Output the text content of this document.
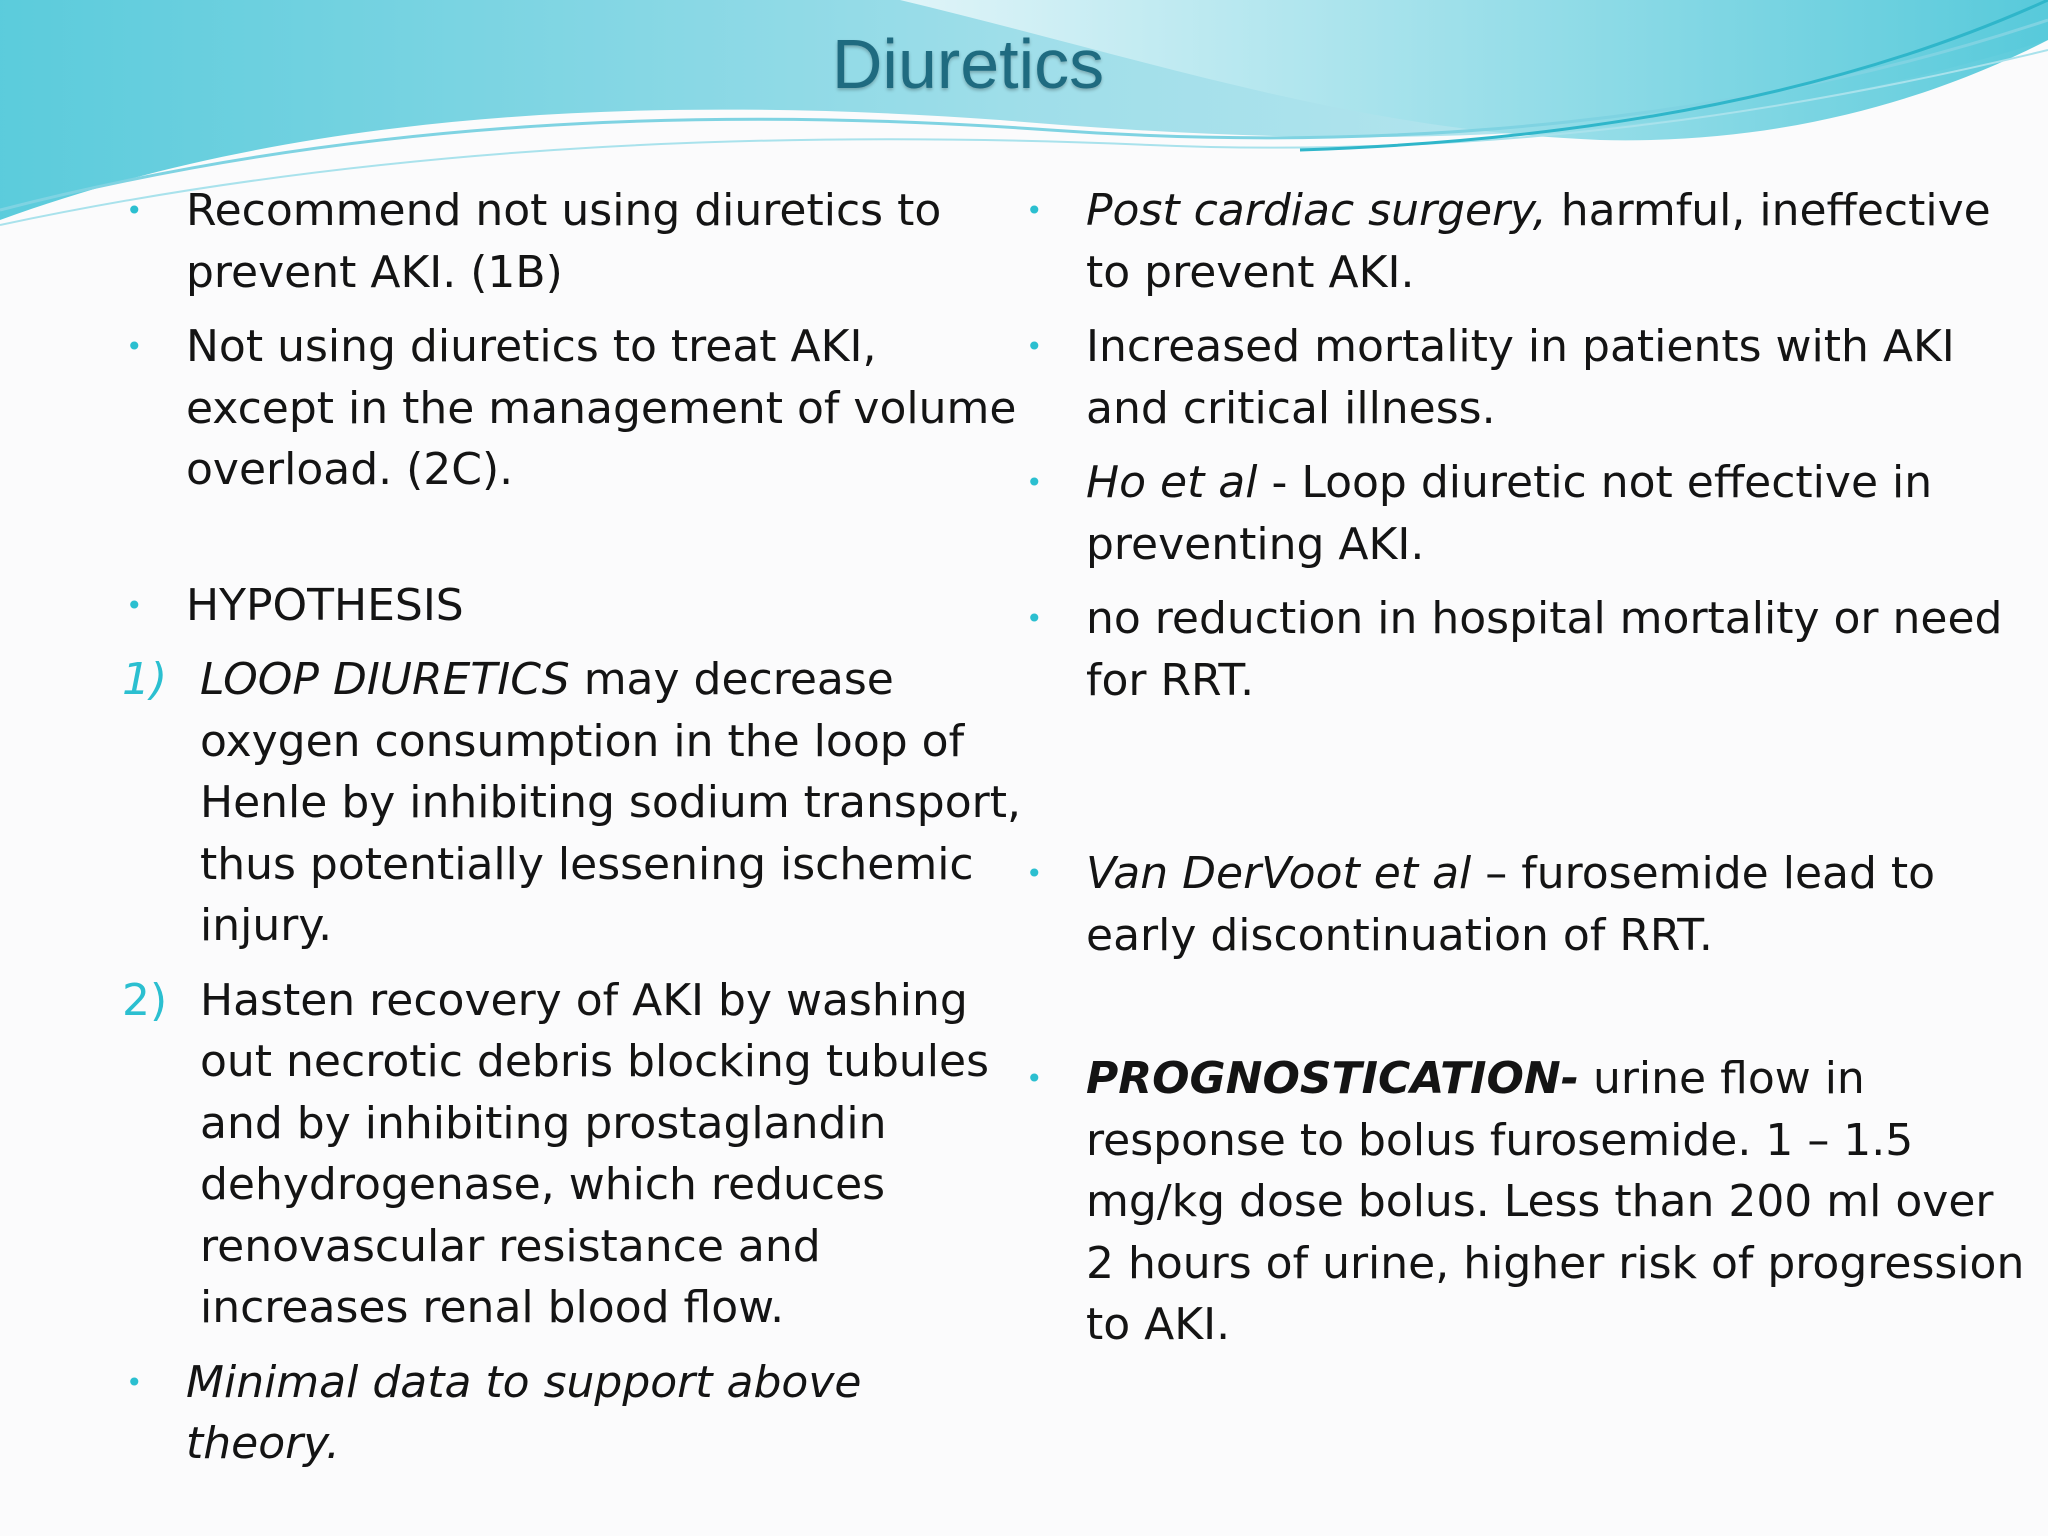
Diuretics
• Recommend not using diuretics to prevent AKI. (1B)
• Not using diuretics to treat AKI, except in the management of volume overload. (2C).
• HYPOTHESIS
1) LOOP DIURETICS may decrease oxygen consumption in the loop of Henle by inhibiting sodium transport, thus potentially lessening ischemic injury.
2) Hasten recovery of AKI by washing out necrotic debris blocking tubules and by inhibiting prostaglandin dehydrogenase, which reduces renovascular resistance and increases renal blood flow.
• Minimal data to support above theory.
• Post cardiac surgery, harmful, ineffective to prevent AKI.
• Increased mortality in patients with AKI and critical illness.
• Ho et al - Loop diuretic not effective in preventing AKI.
• no reduction in hospital mortality or need for RRT.
• Van DerVoot et al – furosemide lead to early discontinuation of RRT.
• PROGNOSTICATION- urine flow in response to bolus furosemide. 1 – 1.5 mg/kg dose bolus. Less than 200 ml over 2 hours of urine, higher risk of progression to AKI.
